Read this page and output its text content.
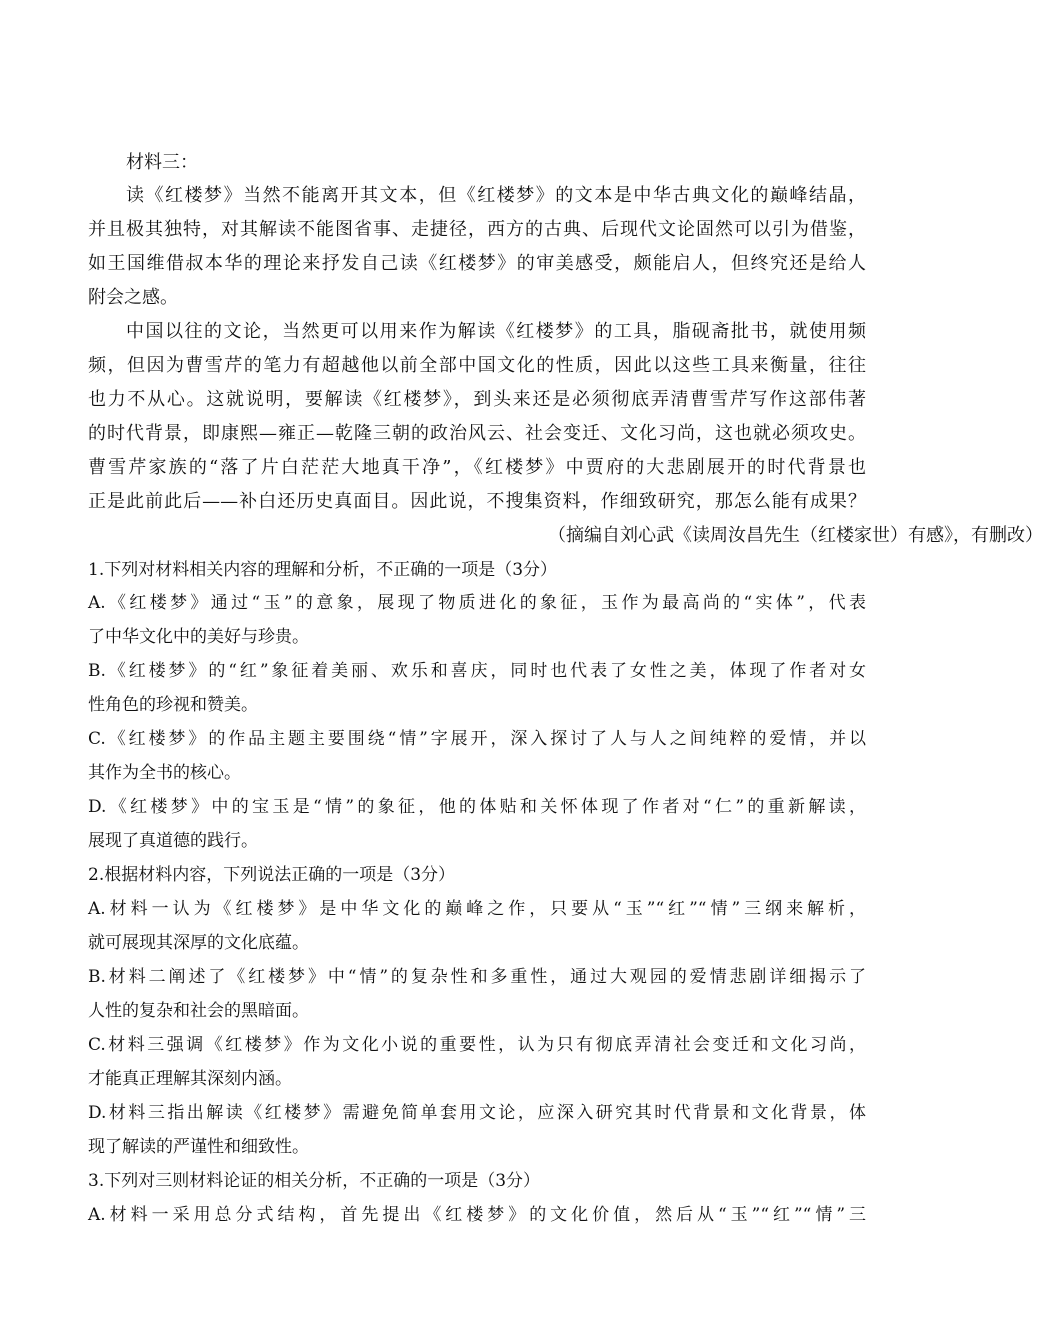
材料三：
读《红楼梦》当然不能离开其文本，但《红楼梦》的文本是中华古典文化的巅峰结晶，
并且极其独特，对其解读不能图省事、走捷径，西方的古典、后现代文论固然可以引为借鉴，
如王国维借叔本华的理论来抒发自己读《红楼梦》的审美感受，颇能启人，但终究还是给人
附会之感。
中国以往的文论，当然更可以用来作为解读《红楼梦》的工具，脂砚斋批书，就使用频
频，但因为曹雪芹的笔力有超越他以前全部中国文化的性质，因此以这些工具来衡量，往往
也力不从心。这就说明，要解读《红楼梦》，到头来还是必须彻底弄清曹雪芹写作这部伟著
的时代背景，即康熙—雍正—乾隆三朝的政治风云、社会变迁、文化习尚，这也就必须攻史。
曹雪芹家族的“落了片白茫茫大地真干净”，《红楼梦》中贾府的大悲剧展开的时代背景也
正是此前此后——补白还历史真面目。因此说，不搜集资料，作细致研究，那怎么能有成果？
（摘编自刘心武《读周汝昌先生（红楼家世）有感》，有删改）
1.下列对材料相关内容的理解和分析，不正确的一项是（3分）
A.《红楼梦》通过“玉”的意象，展现了物质进化的象征，玉作为最高尚的“实体”，代表
了中华文化中的美好与珍贵。
B.《红楼梦》的“红”象征着美丽、欢乐和喜庆，同时也代表了女性之美，体现了作者对女
性角色的珍视和赞美。
C.《红楼梦》的作品主题主要围绕“情”字展开，深入探讨了人与人之间纯粹的爱情，并以
其作为全书的核心。
D.《红楼梦》中的宝玉是“情”的象征，他的体贴和关怀体现了作者对“仁”的重新解读，
展现了真道德的践行。
2.根据材料内容，下列说法正确的一项是（3分）
A.材料一认为《红楼梦》是中华文化的巅峰之作，只要从“玉”“红”“情”三纲来解析，
就可展现其深厚的文化底蕴。
B.材料二阐述了《红楼梦》中“情”的复杂性和多重性，通过大观园的爱情悲剧详细揭示了
人性的复杂和社会的黑暗面。
C.材料三强调《红楼梦》作为文化小说的重要性，认为只有彻底弄清社会变迁和文化习尚，
才能真正理解其深刻内涵。
D.材料三指出解读《红楼梦》需避免简单套用文论，应深入研究其时代背景和文化背景，体
现了解读的严谨性和细致性。
3.下列对三则材料论证的相关分析，不正确的一项是（3分）
A.材料一采用总分式结构，首先提出《红楼梦》的文化价值，然后从“玉”“红”“情”三
